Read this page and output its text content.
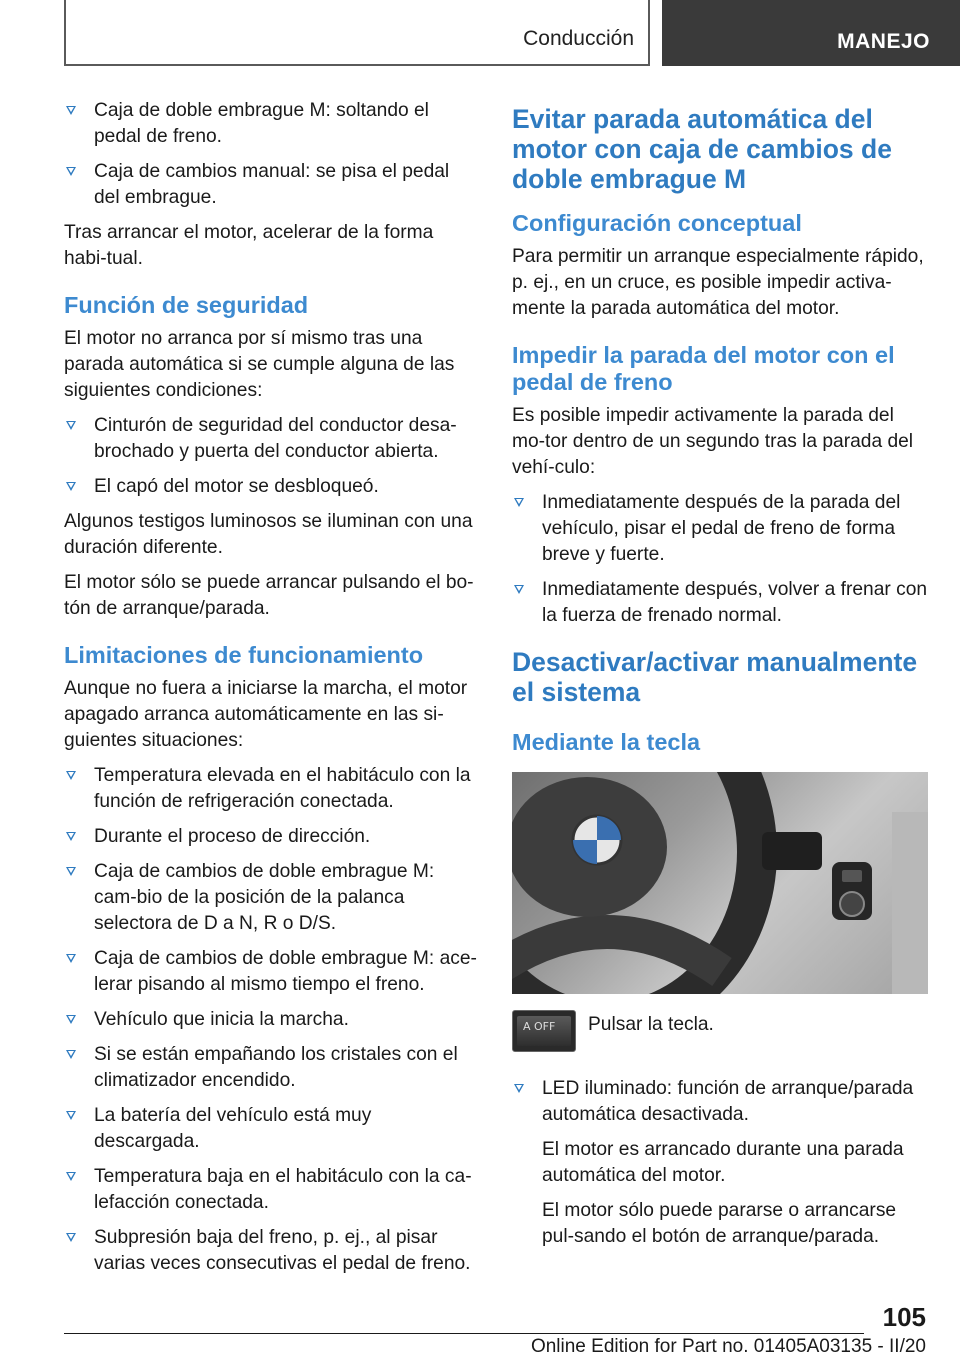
Conducción	MANEJO
Caja de doble embrague M: soltando el pedal de freno.
Caja de cambios manual: se pisa el pedal del embrague.

Tras arrancar el motor, acelerar de la forma habi‐tual.

Función de seguridad

El motor no arranca por sí mismo tras una parada automática si se cumple alguna de las siguientes condiciones:

Cinturón de seguridad del conductor desa‐brochado y puerta del conductor abierta.
El capó del motor se desbloqueó.

Algunos testigos luminosos se iluminan con una duración diferente.

El motor sólo se puede arrancar pulsando el bo‐tón de arranque/parada.

Limitaciones de funcionamiento

Aunque no fuera a iniciarse la marcha, el motor apagado arranca automáticamente en las si‐guientes situaciones:

Temperatura elevada en el habitáculo con la función de refrigeración conectada.
Durante el proceso de dirección.
Caja de cambios de doble embrague M: cam‐bio de la posición de la palanca selectora de D a N, R o D/S.
Caja de cambios de doble embrague M: ace‐lerar pisando al mismo tiempo el freno.
Vehículo que inicia la marcha.
Si se están empañando los cristales con el climatizador encendido.
La batería del vehículo está muy descargada.
Temperatura baja en el habitáculo con la ca‐lefacción conectada.
Subpresión baja del freno, p. ej., al pisar varias veces consecutivas el pedal de freno.
Evitar parada automática del motor con caja de cambios de doble embrague M
Configuración conceptual

Para permitir un arranque especialmente rápido, p. ej., en un cruce, es posible impedir activa‐mente la parada automática del motor.

Impedir la parada del motor con el pedal de freno

Es posible impedir activamente la parada del mo‐tor dentro de un segundo tras la parada del vehí‐culo:

Inmediatamente después de la parada del vehículo, pisar el pedal de freno de forma breve y fuerte.
Inmediatamente después, volver a frenar con la fuerza de frenado normal.
Desactivar/activar manualmente el sistema
Mediante la tecla
A OFF Pulsar la tecla.
LED iluminado: función de arranque/parada automática desactivada.

El motor es arrancado durante una parada automática del motor.

El motor sólo puede pararse o arrancarse pul‐sando el botón de arranque/parada.

105
Online Edition for Part no. 01405A03135 - II/20
